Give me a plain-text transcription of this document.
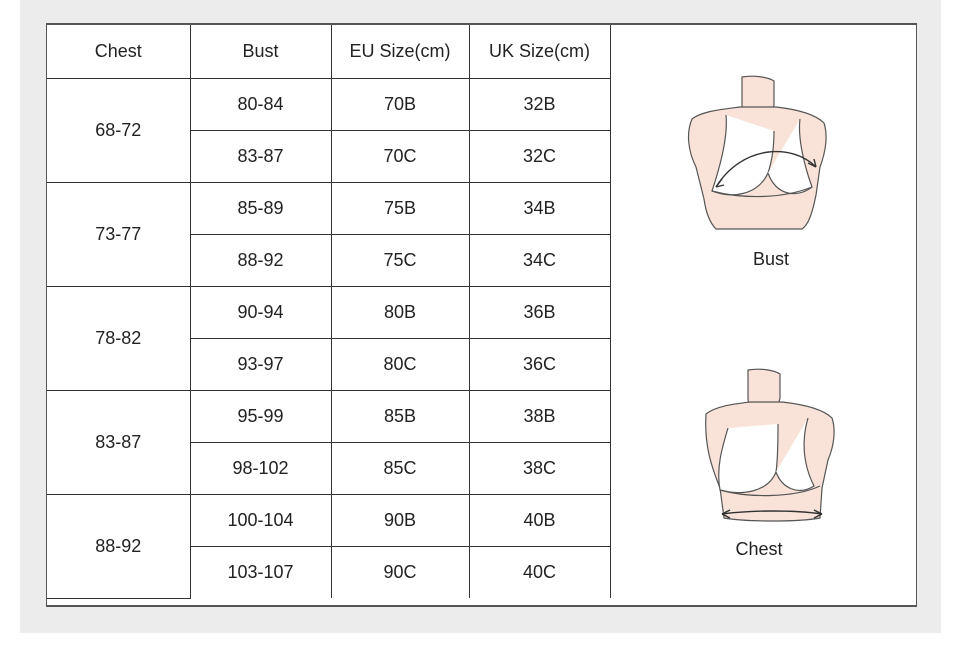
Chest	Bust	EU Size(cm)	UK Size(cm)
68-72	80-84	70B	32B
	83-87	70C	32C
73-77	85-89	75B	34B
	88-92	75C	34C
78-82	90-94	80B	36B
	93-97	80C	36C
83-87	95-99	85B	38B
	98-102	85C	38C
88-92	100-104	90B	40B
	103-107	90C	40C
Bust
Chest
